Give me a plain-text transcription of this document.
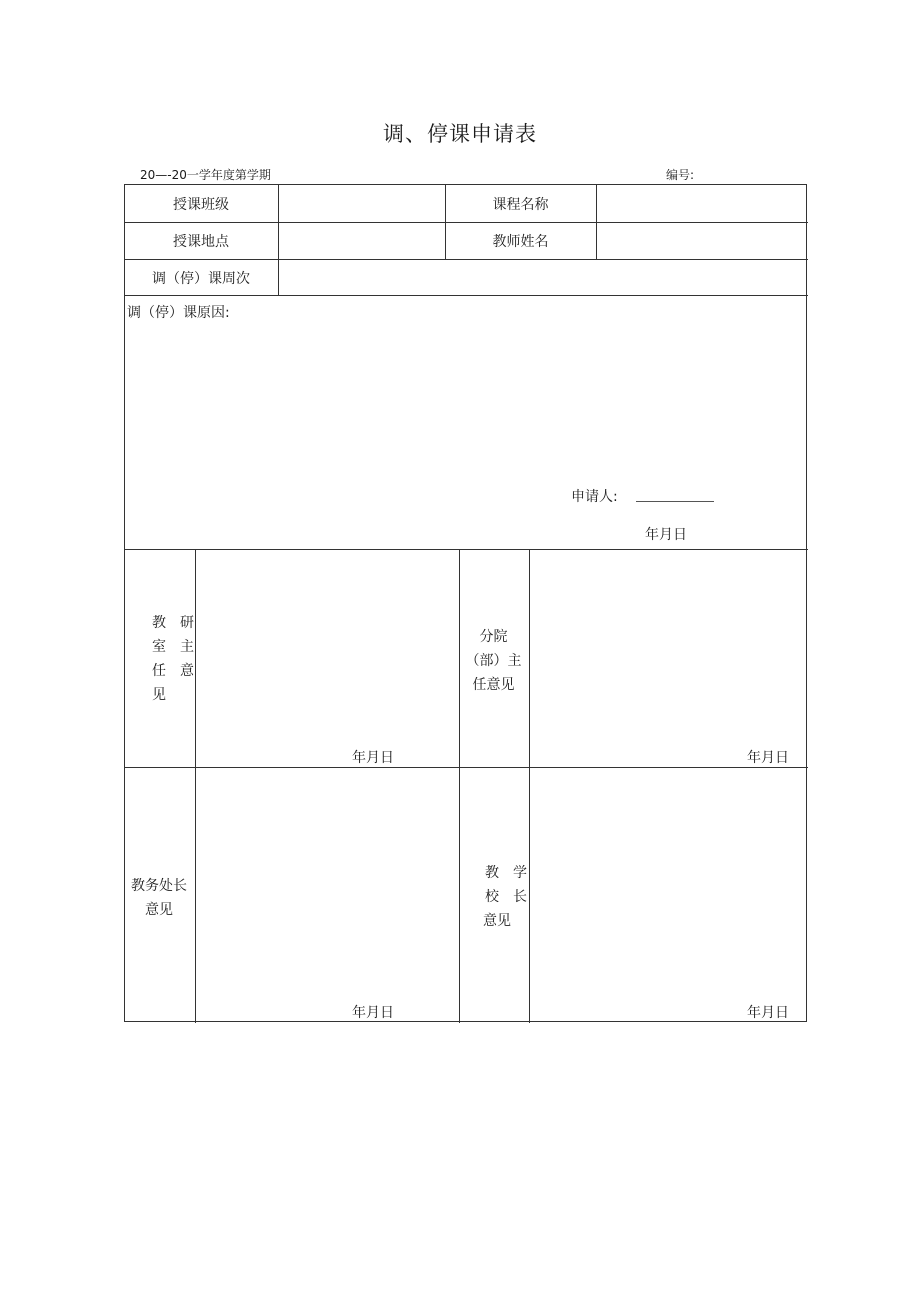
调、停课申请表
20—-20一学年度第学期	编号:
授课班级	课程名称
授课地点	教师姓名
调（停）课周次
调（停）课原因:
申请人:
年月日
教　研
室　主
任　意
见
年月日
分院
（部）主
任意见
年月日
教务处长
意见
年月日
教　学
校　长
意见
年月日
